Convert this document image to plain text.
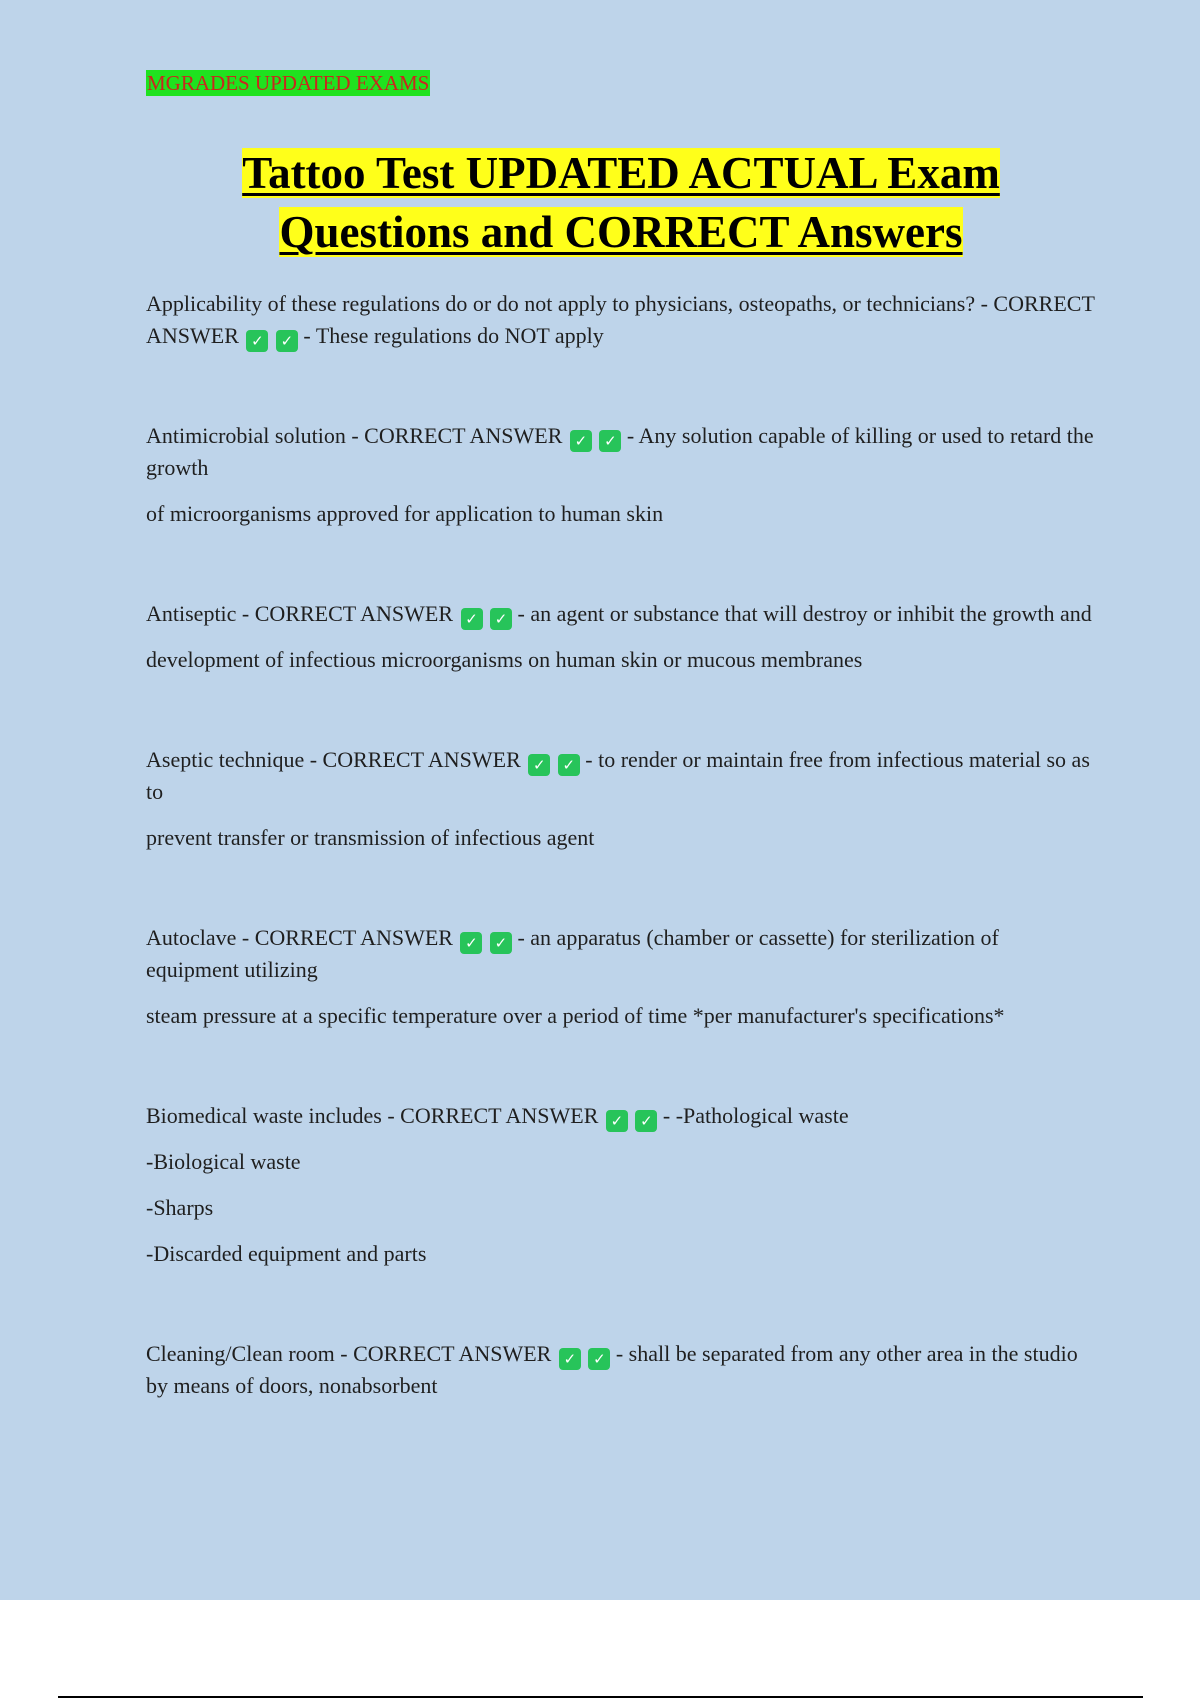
MGRADES UPDATED EXAMS
Tattoo Test UPDATED ACTUAL Exam
Questions and CORRECT Answers

Applicability of these regulations do or do not apply to physicians, osteopaths, or technicians? - CORRECT ANSWER ✓ ✓ - These regulations do NOT apply

Antimicrobial solution - CORRECT ANSWER ✓ ✓ - Any solution capable of killing or used to retard the growth

of microorganisms approved for application to human skin

Antiseptic - CORRECT ANSWER ✓ ✓ - an agent or substance that will destroy or inhibit the growth and

development of infectious microorganisms on human skin or mucous membranes

Aseptic technique - CORRECT ANSWER ✓ ✓ - to render or maintain free from infectious material so as to

prevent transfer or transmission of infectious agent

Autoclave - CORRECT ANSWER ✓ ✓ - an apparatus (chamber or cassette) for sterilization of equipment utilizing

steam pressure at a specific temperature over a period of time *per manufacturer's specifications*

Biomedical waste includes - CORRECT ANSWER ✓ ✓ - -Pathological waste

-Biological waste

-Sharps

-Discarded equipment and parts

Cleaning/Clean room - CORRECT ANSWER ✓ ✓ - shall be separated from any other area in the studio by means of doors, nonabsorbent
